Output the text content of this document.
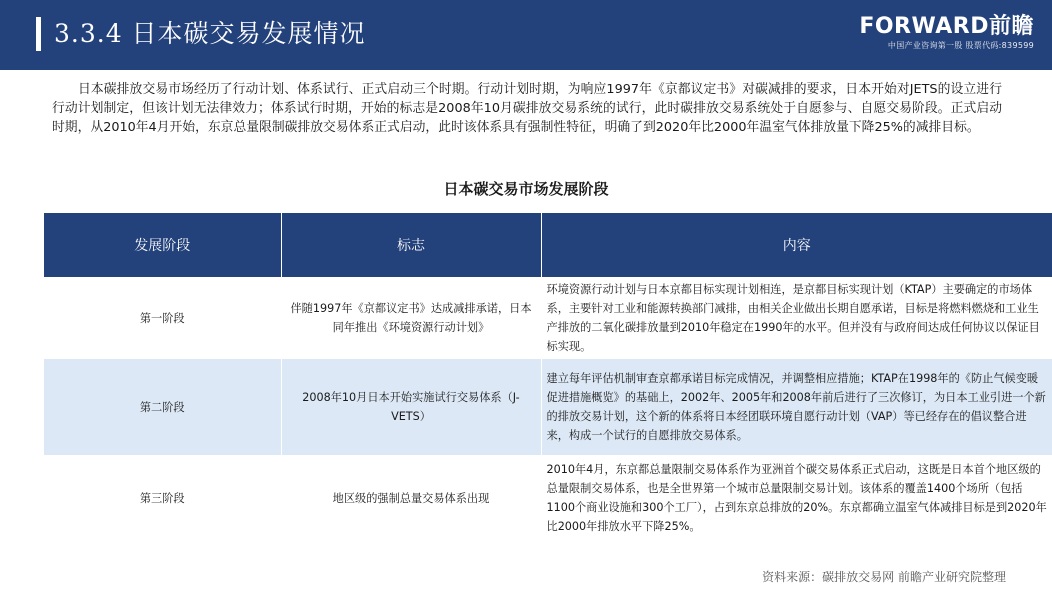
3.3.4 日本碳交易发展情况	FORWARD前瞻
中国产业咨询第一股 股票代码:839599
日本碳排放交易市场经历了行动计划、体系试行、正式启动三个时期。行动计划时期，为响应1997年《京都议定书》对碳减排的要求，日本开始对JETS的设立进行行动计划制定，但该计划无法律效力；体系试行时期，开始的标志是2008年10月碳排放交易系统的试行，此时碳排放交易系统处于自愿参与、自愿交易阶段。正式启动时期，从2010年4月开始，东京总量限制碳排放交易体系正式启动，此时该体系具有强制性特征，明确了到2020年比2000年温室气体排放量下降25%的减排目标。
日本碳交易市场发展阶段
发展阶段	标志	内容
第一阶段	伴随1997年《京都议定书》达成减排承诺，日本同年推出《环境资源行动计划》	环境资源行动计划与日本京都目标实现计划相连，是京都目标实现计划（KTAP）主要确定的市场体系，主要针对工业和能源转换部门减排，由相关企业做出长期自愿承诺，目标是将燃料燃烧和工业生产排放的二氧化碳排放量到2010年稳定在1990年的水平。但并没有与政府间达成任何协议以保证目标实现。
第二阶段	2008年10月日本开始实施试行交易体系（J-VETS）	建立每年评估机制审查京都承诺目标完成情况，并调整相应措施；KTAP在1998年的《防止气候变暖促进措施概览》的基础上，2002年、2005年和2008年前后进行了三次修订，为日本工业引进一个新的排放交易计划，这个新的体系将日本经团联环境自愿行动计划（VAP）等已经存在的倡议整合进来，构成一个试行的自愿排放交易体系。
第三阶段	地区级的强制总量交易体系出现	2010年4月，东京都总量限制交易体系作为亚洲首个碳交易体系正式启动，这既是日本首个地区级的总量限制交易体系，也是全世界第一个城市总量限制交易计划。该体系的覆盖1400个场所（包括1100个商业设施和300个工厂），占到东京总排放的20%。东京都确立温室气体减排目标是到2020年比2000年排放水平下降25%。
资料来源：碳排放交易网 前瞻产业研究院整理
